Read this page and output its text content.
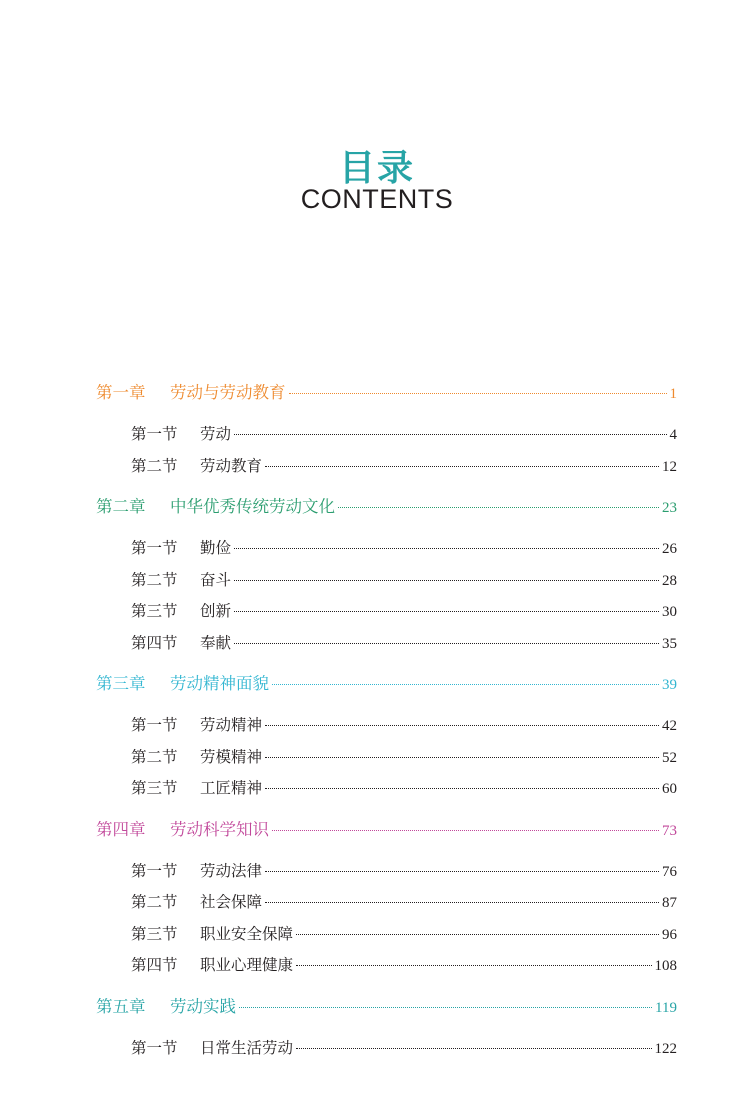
目录
CONTENTS
第一章	劳动与劳动教育	1
第一节	劳动	4
第二节	劳动教育	12
第二章	中华优秀传统劳动文化	23
第一节	勤俭	26
第二节	奋斗	28
第三节	创新	30
第四节	奉献	35
第三章	劳动精神面貌	39
第一节	劳动精神	42
第二节	劳模精神	52
第三节	工匠精神	60
第四章	劳动科学知识	73
第一节	劳动法律	76
第二节	社会保障	87
第三节	职业安全保障	96
第四节	职业心理健康	108
第五章	劳动实践	119
第一节	日常生活劳动	122
